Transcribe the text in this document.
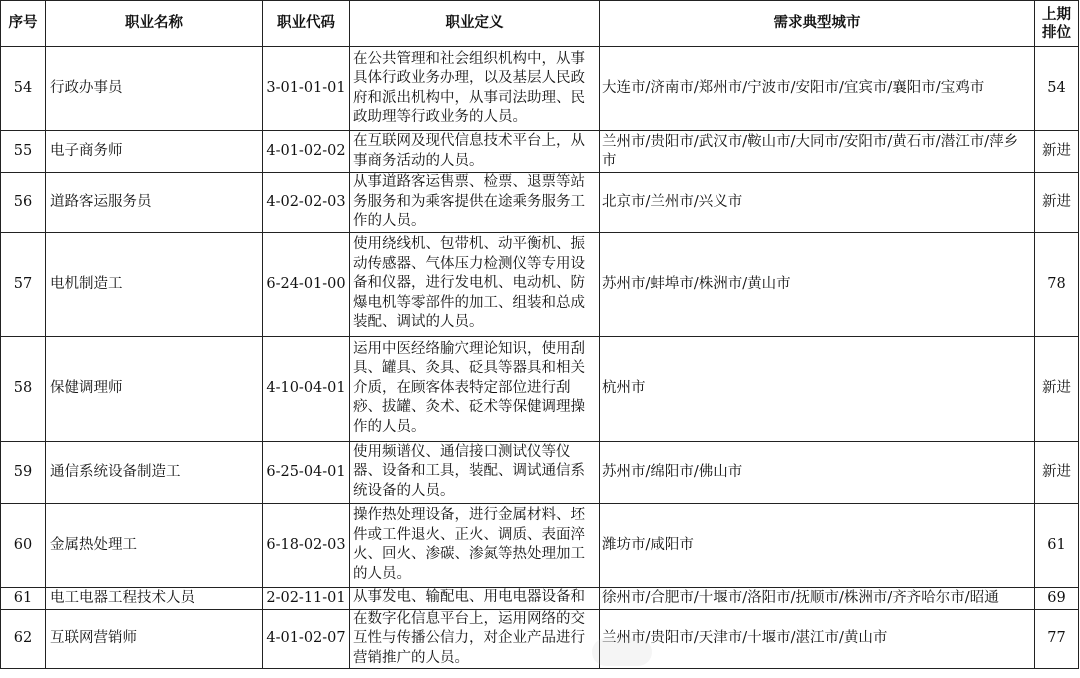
序号	职业名称	职业代码	职业定义	需求典型城市	上期排位
54	行政办事员	3-01-01-01	在公共管理和社会组织机构中，从事具体行政业务办理，以及基层人民政府和派出机构中，从事司法助理、民政助理等行政业务的人员。	大连市/济南市/郑州市/宁波市/安阳市/宜宾市/襄阳市/宝鸡市	54
55	电子商务师	4-01-02-02	在互联网及现代信息技术平台上，从事商务活动的人员。	兰州市/贵阳市/武汉市/鞍山市/大同市/安阳市/黄石市/潜江市/萍乡市	新进
56	道路客运服务员	4-02-02-03	从事道路客运售票、检票、退票等站务服务和为乘客提供在途乘务服务工作的人员。	北京市/兰州市/兴义市	新进
57	电机制造工	6-24-01-00	使用绕线机、包带机、动平衡机、振动传感器、气体压力检测仪等专用设备和仪器，进行发电机、电动机、防爆电机等零部件的加工、组装和总成装配、调试的人员。	苏州市/蚌埠市/株洲市/黄山市	78
58	保健调理师	4-10-04-01	运用中医经络腧穴理论知识，使用刮具、罐具、灸具、砭具等器具和相关介质，在顾客体表特定部位进行刮痧、拔罐、灸术、砭术等保健调理操作的人员。	杭州市	新进
59	通信系统设备制造工	6-25-04-01	使用频谱仪、通信接口测试仪等仪器、设备和工具，装配、调试通信系统设备的人员。	苏州市/绵阳市/佛山市	新进
60	金属热处理工	6-18-02-03	操作热处理设备，进行金属材料、坯件或工件退火、正火、调质、表面淬火、回火、渗碳、渗氮等热处理加工的人员。	潍坊市/咸阳市	61
61	电工电器工程技术人员	2-02-11-01	从事发电、输配电、用电电器设备和	徐州市/合肥市/十堰市/洛阳市/抚顺市/株洲市/齐齐哈尔市/昭通	69
62	互联网营销师	4-01-02-07	在数字化信息平台上，运用网络的交互性与传播公信力，对企业产品进行营销推广的人员。	兰州市/贵阳市/天津市/十堰市/湛江市/黄山市	77
